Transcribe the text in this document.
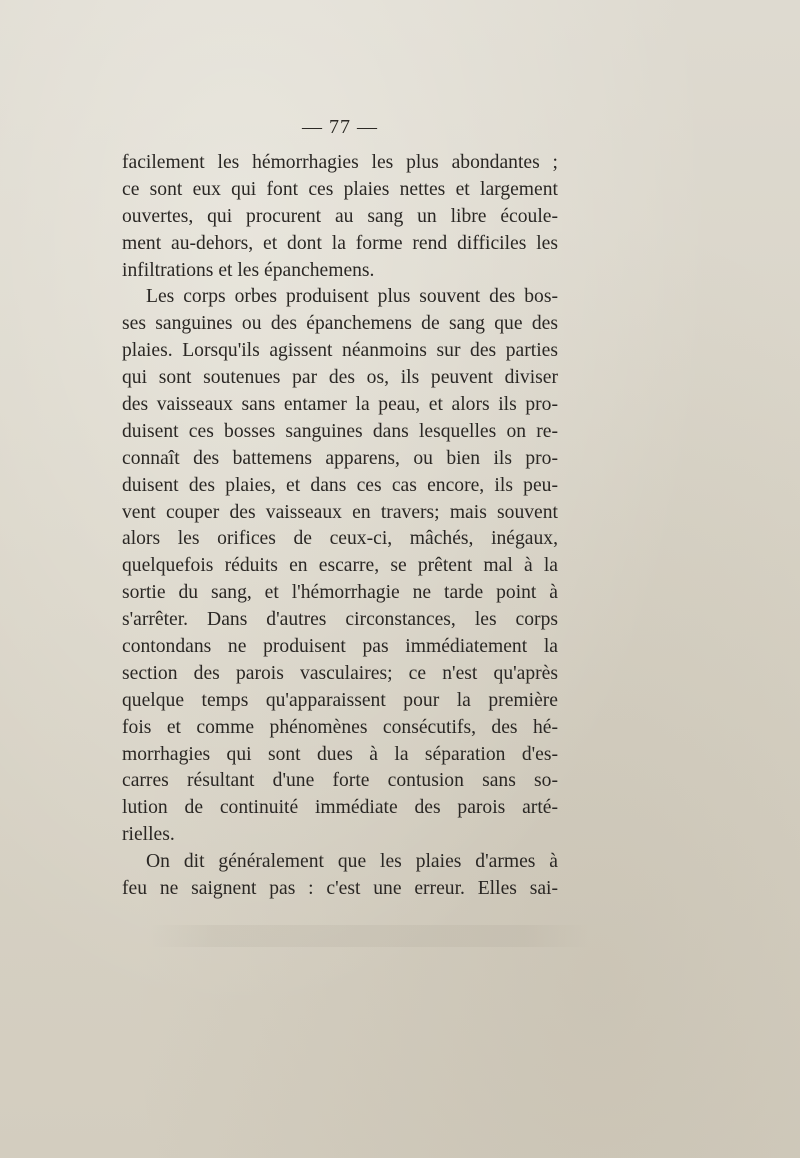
— 77 —
facilement les hémorrhagies les plus abondantes ;
ce sont eux qui font ces plaies nettes et largement
ouvertes, qui procurent au sang un libre écoule-
ment au-dehors, et dont la forme rend difficiles les
infiltrations et les épanchemens.
Les corps orbes produisent plus souvent des bos-
ses sanguines ou des épanchemens de sang que des
plaies. Lorsqu'ils agissent néanmoins sur des parties
qui sont soutenues par des os, ils peuvent diviser
des vaisseaux sans entamer la peau, et alors ils pro-
duisent ces bosses sanguines dans lesquelles on re-
connaît des battemens apparens, ou bien ils pro-
duisent des plaies, et dans ces cas encore, ils peu-
vent couper des vaisseaux en travers; mais souvent
alors les orifices de ceux-ci, mâchés, inégaux,
quelquefois réduits en escarre, se prêtent mal à la
sortie du sang, et l'hémorrhagie ne tarde point à
s'arrêter. Dans d'autres circonstances, les corps
contondans ne produisent pas immédiatement la
section des parois vasculaires; ce n'est qu'après
quelque temps qu'apparaissent pour la première
fois et comme phénomènes consécutifs, des hé-
morrhagies qui sont dues à la séparation d'es-
carres résultant d'une forte contusion sans so-
lution de continuité immédiate des parois arté-
rielles.
On dit généralement que les plaies d'armes à
feu ne saignent pas : c'est une erreur. Elles sai-
